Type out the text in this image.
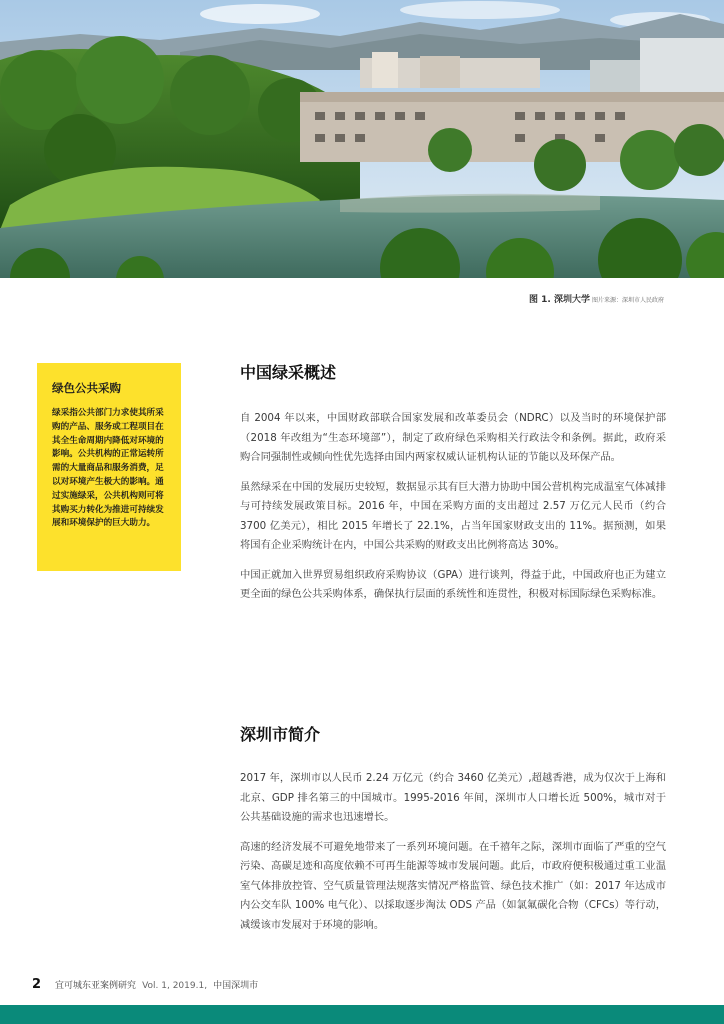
图 1. 深圳大学 图片来源：深圳市人民政府
绿色公共采购

绿采指公共部门力求使其所采购的产品、服务或工程项目在其全生命周期内降低对环境的影响。公共机构的正常运转所需的大量商品和服务消费，足以对环境产生极大的影响。通过实施绿采，公共机构则可将其购买力转化为推进可持续发展和环境保护的巨大助力。

中国绿采概述

自 2004 年以来，中国财政部联合国家发展和改革委员会（NDRC）以及当时的环境保护部（2018 年改组为“生态环境部”），制定了政府绿色采购相关行政法令和条例。据此，政府采购合同强制性或倾向性优先选择由国内两家权威认证机构认证的节能以及环保产品。

虽然绿采在中国的发展历史较短，数据显示其有巨大潜力协助中国公营机构完成温室气体减排与可持续发展政策目标。2016 年，中国在采购方面的支出超过 2.57 万亿元人民币（约合 3700 亿美元），相比 2015 年增长了 22.1%，占当年国家财政支出的 11%。据预测，如果将国有企业采购统计在内，中国公共采购的财政支出比例将高达 30%。

中国正就加入世界贸易组织政府采购协议（GPA）进行谈判，得益于此，中国政府也正为建立更全面的绿色公共采购体系，确保执行层面的系统性和连贯性，积极对标国际绿色采购标准。

深圳市简介

2017 年，深圳市以人民币 2.24 万亿元（约合 3460 亿美元）,超越香港，成为仅次于上海和北京、GDP 排名第三的中国城市。1995-2016 年间，深圳市人口增长近 500%，城市对于公共基础设施的需求也迅速增长。

高速的经济发展不可避免地带来了一系列环境问题。在千禧年之际，深圳市面临了严重的空气污染、高碳足迹和高度依赖不可再生能源等城市发展问题。此后，市政府便积极通过重工业温室气体排放控管、空气质量管理法规落实情况严格监管、绿色技术推广（如：2017 年达成市内公交车队 100% 电气化）、以採取逐步淘汰 ODS 产品（如氯氟碳化合物（CFCs）等行动，减缓该市发展对于环境的影响。

2 宜可城东亚案例研究 Vol. 1, 2019.1, 中国深圳市
